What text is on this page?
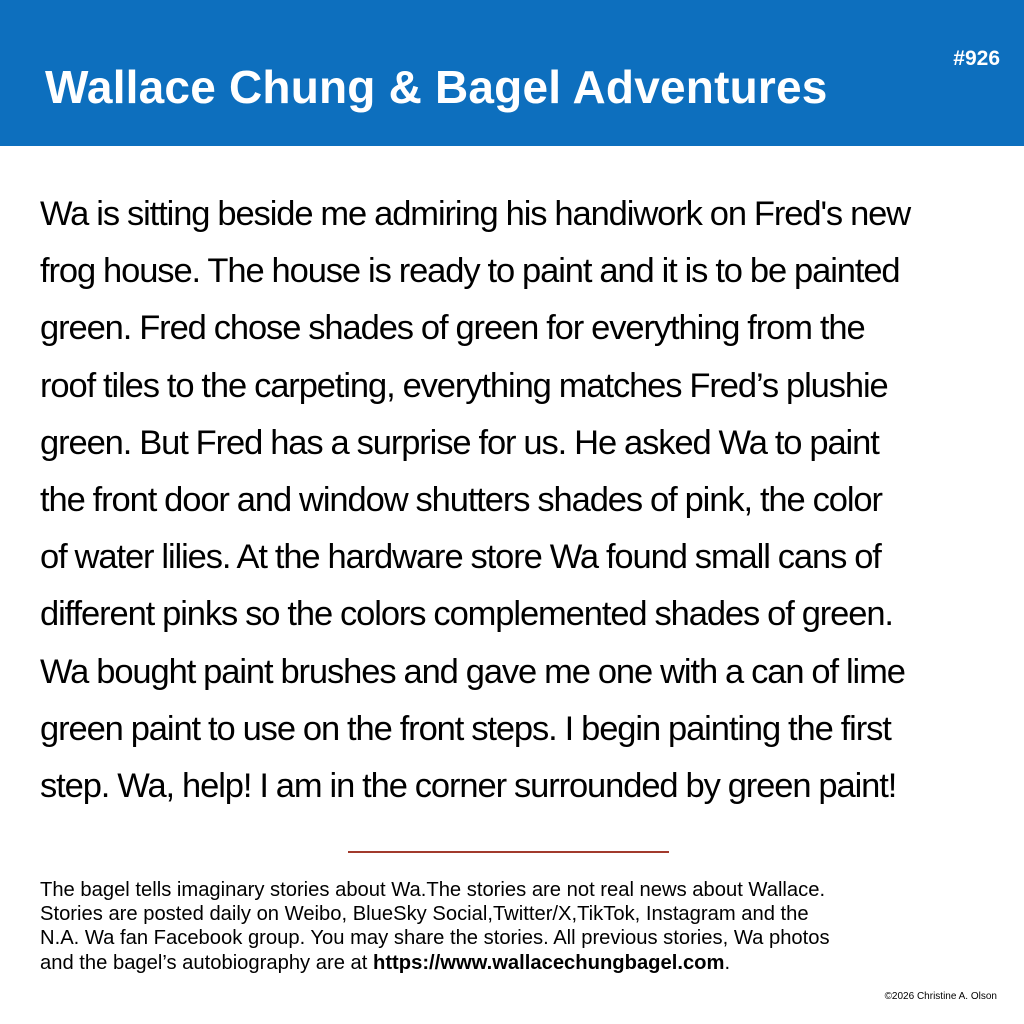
Wallace Chung & Bagel Adventures
#926
Wa is sitting beside me admiring his handiwork on Fred's new
frog house. The house is ready to paint and it is to be painted
green. Fred chose shades of green for everything from the
roof tiles to the carpeting, everything matches Fred’s plushie
green. But Fred has a surprise for us. He asked Wa to paint
the front door and window shutters shades of pink, the color
of water lilies. At the hardware store Wa found small cans of
different pinks so the colors complemented shades of green.
Wa bought paint brushes and gave me one with a can of lime
green paint to use on the front steps. I begin painting the first
step. Wa, help! I am in the corner surrounded by green paint!
The bagel tells imaginary stories about Wa.The stories are not real news about Wallace.
Stories are posted daily on Weibo, BlueSky Social,Twitter/X,TikTok, Instagram and the
N.A. Wa fan Facebook group. You may share the stories. All previous stories, Wa photos
and the bagel’s autobiography are at https://www.wallacechungbagel.com.
©2026 Christine A. Olson
